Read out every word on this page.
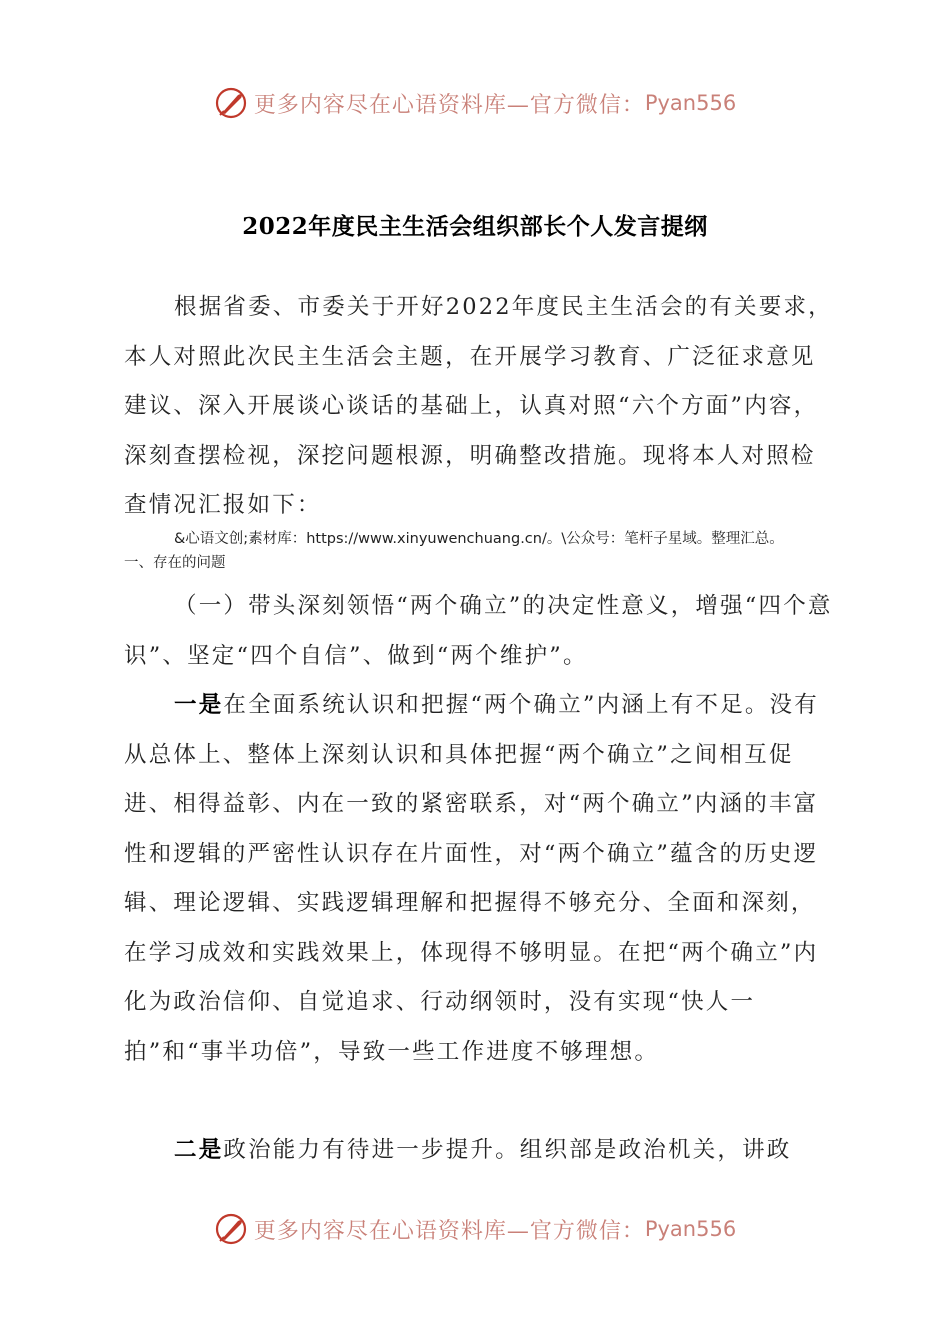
更多内容尽在心语资料库—官方微信： Pyan556
2022年度民主生活会组织部长个人发言提纲
根据省委、市委关于开好2022年度民主生活会的有关要求，本人对照此次民主生活会主题，在开展学习教育、广泛征求意见建议、深入开展谈心谈话的基础上，认真对照“六个方面”内容，深刻查摆检视，深挖问题根源，明确整改措施。现将本人对照检查情况汇报如下：
&心语文创;素材库：https://www.xinyuwenchuang.cn/。\公众号：笔杆子星域。整理汇总。
一、存在的问题
（一）带头深刻领悟“两个确立”的决定性意义，增强“四个意识”、坚定“四个自信”、做到“两个维护”。
一是在全面系统认识和把握“两个确立”内涵上有不足。没有从总体上、整体上深刻认识和具体把握“两个确立”之间相互促进、相得益彰、内在一致的紧密联系，对“两个确立”内涵的丰富性和逻辑的严密性认识存在片面性，对“两个确立”蕴含的历史逻辑、理论逻辑、实践逻辑理解和把握得不够充分、全面和深刻，在学习成效和实践效果上，体现得不够明显。在把“两个确立”内化为政治信仰、自觉追求、行动纲领时，没有实现“快人一拍”和“事半功倍”，导致一些工作进度不够理想。
二是政治能力有待进一步提升。组织部是政治机关，讲政
更多内容尽在心语资料库—官方微信： Pyan556
